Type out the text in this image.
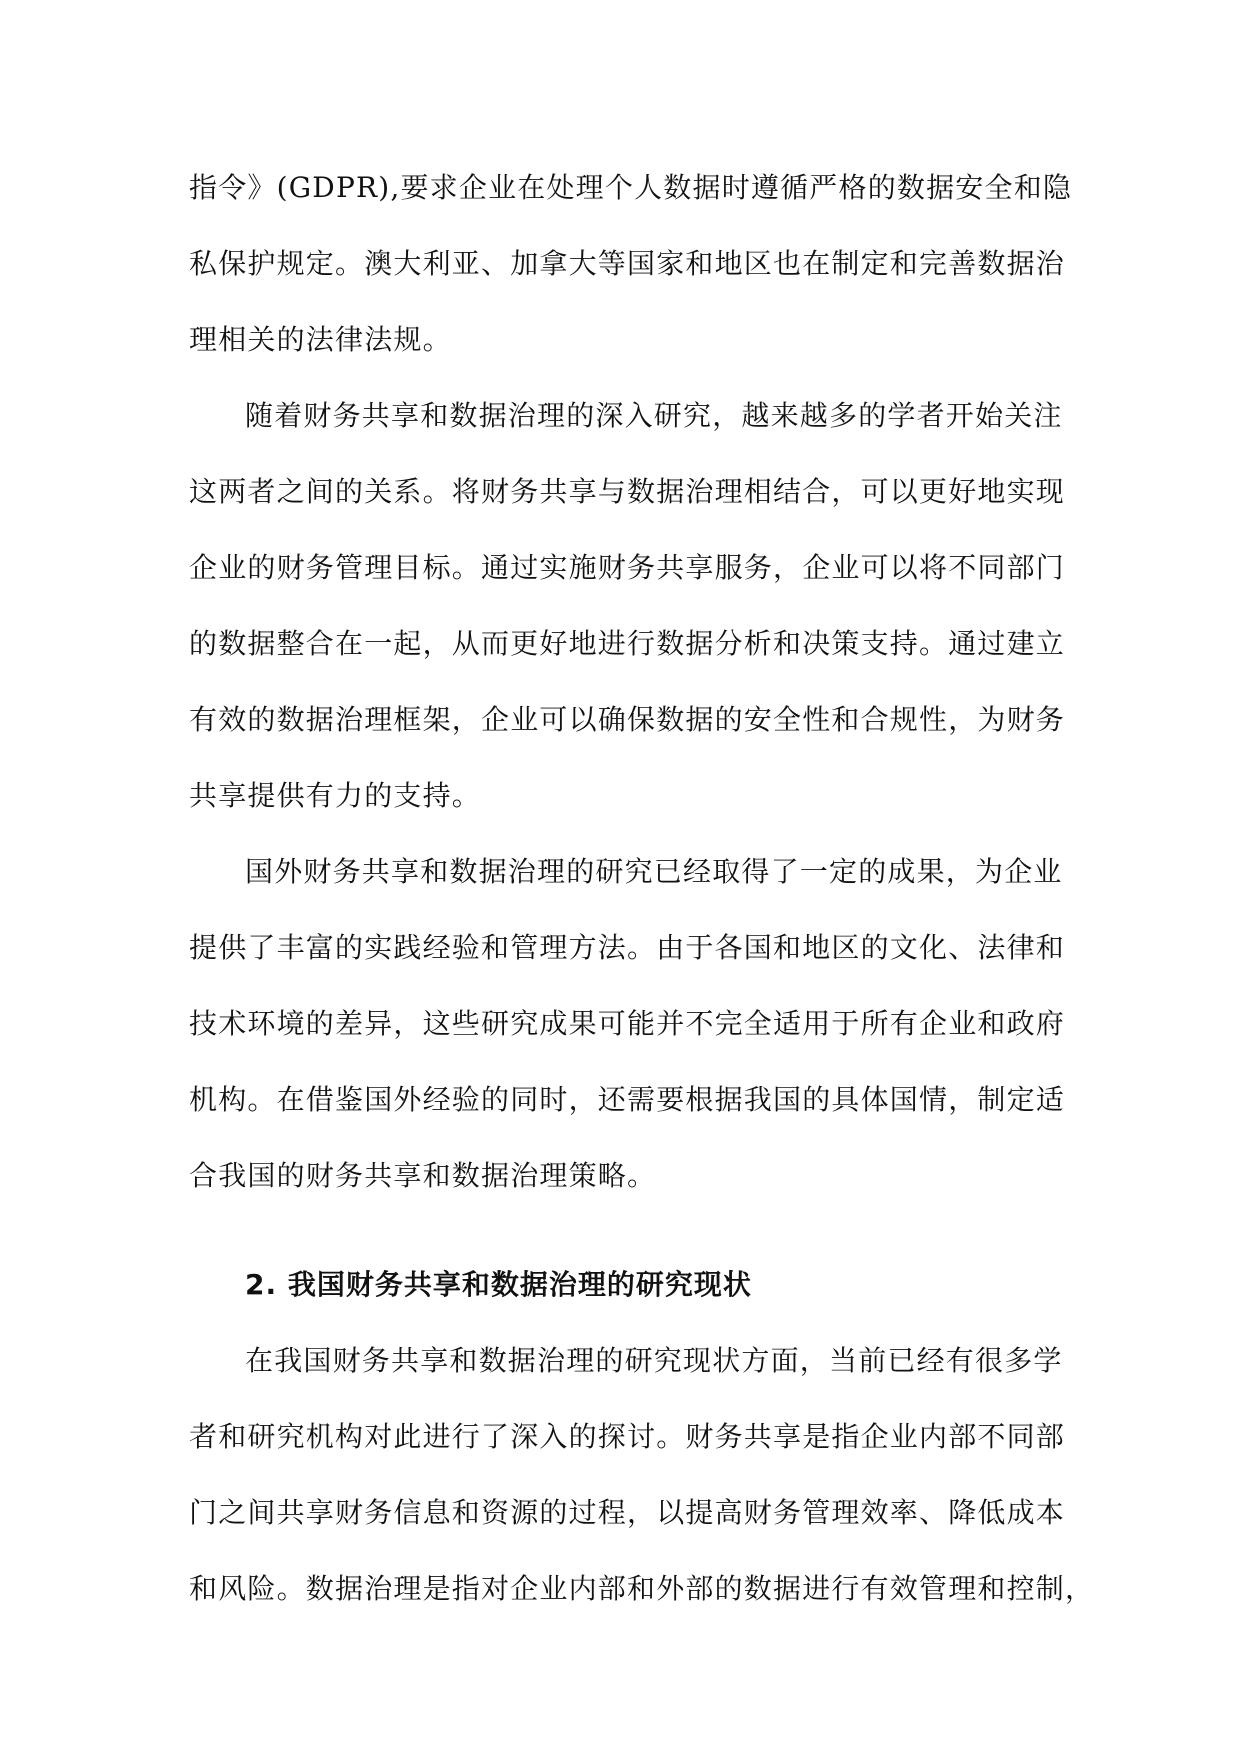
指令》(GDPR),要求企业在处理个人数据时遵循严格的数据安全和隐
私保护规定。澳大利亚、加拿大等国家和地区也在制定和完善数据治
理相关的法律法规。
随着财务共享和数据治理的深入研究，越来越多的学者开始关注
这两者之间的关系。将财务共享与数据治理相结合，可以更好地实现
企业的财务管理目标。通过实施财务共享服务，企业可以将不同部门
的数据整合在一起，从而更好地进行数据分析和决策支持。通过建立
有效的数据治理框架，企业可以确保数据的安全性和合规性，为财务
共享提供有力的支持。
国外财务共享和数据治理的研究已经取得了一定的成果，为企业
提供了丰富的实践经验和管理方法。由于各国和地区的文化、法律和
技术环境的差异，这些研究成果可能并不完全适用于所有企业和政府
机构。在借鉴国外经验的同时，还需要根据我国的具体国情，制定适
合我国的财务共享和数据治理策略。
2. 我国财务共享和数据治理的研究现状
在我国财务共享和数据治理的研究现状方面，当前已经有很多学
者和研究机构对此进行了深入的探讨。财务共享是指企业内部不同部
门之间共享财务信息和资源的过程，以提高财务管理效率、降低成本
和风险。数据治理是指对企业内部和外部的数据进行有效管理和控制，
